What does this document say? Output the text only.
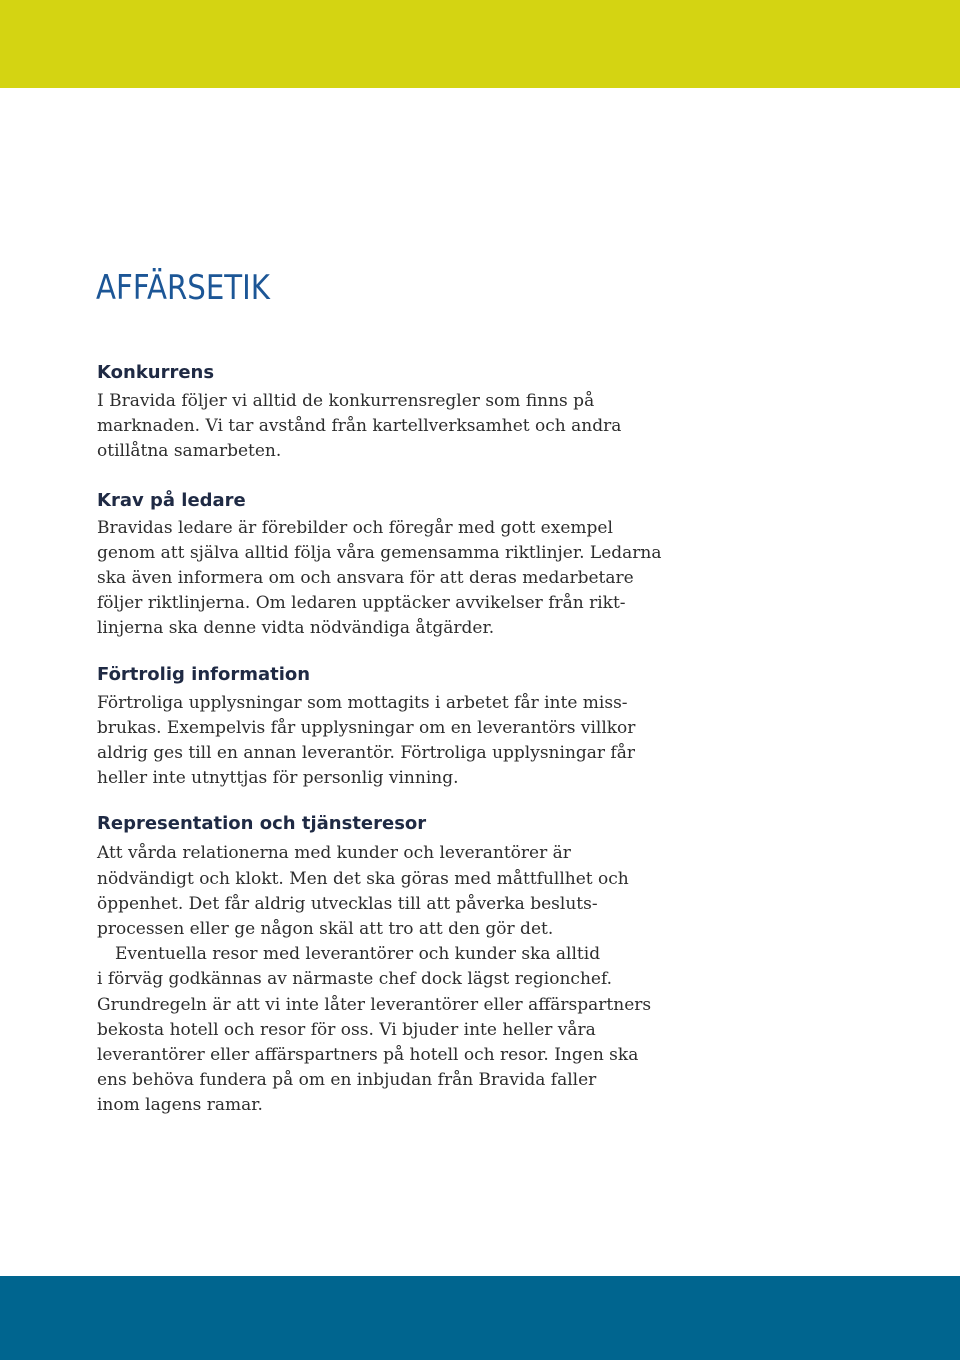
AFFÄRSETIK
Konkurrens

I Bravida följer vi alltid de konkurrensregler som finns på
marknaden. Vi tar avstånd från kartellverksamhet och andra
otillåtna samarbeten.

Krav på ledare

Bravidas ledare är förebilder och föregår med gott exempel
genom att själva alltid följa våra gemensamma riktlinjer. Ledarna
ska även informera om och ansvara för att deras medarbetare
följer riktlinjerna. Om ledaren upptäcker avvikelser från rikt-
linjerna ska denne vidta nödvändiga åtgärder.

Förtrolig information

Förtroliga upplysningar som mottagits i arbetet får inte miss-
brukas. Exempelvis får upplysningar om en leverantörs villkor
aldrig ges till en annan leverantör. Förtroliga upplysningar får
heller inte utnyttjas för personlig vinning.

Representation och tjänsteresor

Att vårda relationerna med kunder och leverantörer är
nödvändigt och klokt. Men det ska göras med måttfullhet och
öppenhet. Det får aldrig utvecklas till att påverka besluts-
processen eller ge någon skäl att tro att den gör det.

Eventuella resor med leverantörer och kunder ska alltid
i förväg godkännas av närmaste chef dock lägst regionchef.
Grundregeln är att vi inte låter leverantörer eller affärspartners
bekosta hotell och resor för oss. Vi bjuder inte heller våra
leverantörer eller affärspartners på hotell och resor. Ingen ska
ens behöva fundera på om en inbjudan från Bravida faller
inom lagens ramar.
